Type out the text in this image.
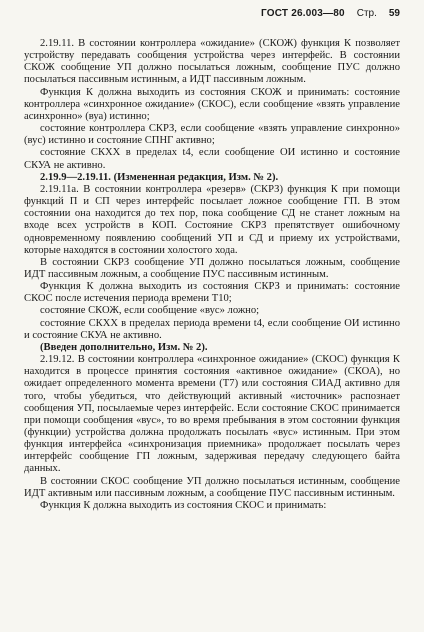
ГОСТ 26.003—80 Стр. 59

2.19.11. В состоянии контроллера «ожидание» (СКОЖ) функция К позволяет устройству передавать сообщения устройства через интерфейс. В состоянии СКОЖ сообщение УП должно посылаться ложным, сообщение ПУС должно посылаться пассивным истинным, а ИДТ пассивным ложным.

Функция К должна выходить из состояния СКОЖ и принимать: состояние контроллера «синхронное ожидание» (СКОС), если сообщение «взять управление асинхронно» (вуа) истинно;

состояние контроллера СКРЗ, если сообщение «взять управление синхронно» (вус) истинно и состояние СПНГ активно;

состояние СКХХ в пределах t4, если сообщение ОИ истинно и состояние СКУА не активно.

2.19.9—2.19.11. (Измененная редакция, Изм. № 2).

2.19.11а. В состоянии контроллера «резерв» (СКРЗ) функция К при помощи функций П и СП через интерфейс посылает ложное сообщение ГП. В этом состоянии она находится до тех пор, пока сообщение СД не станет ложным на входе всех устройств в КОП. Состояние СКРЗ препятствует ошибочному одновременному появлению сообщений УП и СД и приему их устройствами, которые находятся в состоянии холостого хода.

В состоянии СКРЗ сообщение УП должно посылаться ложным, сообщение ИДТ пассивным ложным, а сообщение ПУС пассивным истинным.

Функция К должна выходить из состояния СКРЗ и принимать: состояние СКОС после истечения периода времени T10;

состояние СКОЖ, если сообщение «вус» ложно;

состояние СКХХ в пределах периода времени t4, если сообщение ОИ истинно и состояние СКУА не активно.

(Введен дополнительно, Изм. № 2).

2.19.12. В состоянии контроллера «синхронное ожидание» (СКОС) функция К находится в процессе принятия состояния «активное ожидание» (СКОА), но ожидает определенного момента времени (T7) или состояния СИАД активно для того, чтобы убедиться, что действующий активный «источник» распознает сообщения УП, посылаемые через интерфейс. Если состояние СКОС принимается при помощи сообщения «вус», то во время пребывания в этом состоянии функция (функции) устройства должна продолжать посылать «вус» истинным. При этом функция интерфейса «синхронизация приемника» продолжает посылать через интерфейс сообщение ГП ложным, задерживая передачу следующего байта данных.

В состоянии СКОС сообщение УП должно посылаться истинным, сообщение ИДТ активным или пассивным ложным, а сообщение ПУС пассивным истинным.

Функция К должна выходить из состояния СКОС и принимать:
